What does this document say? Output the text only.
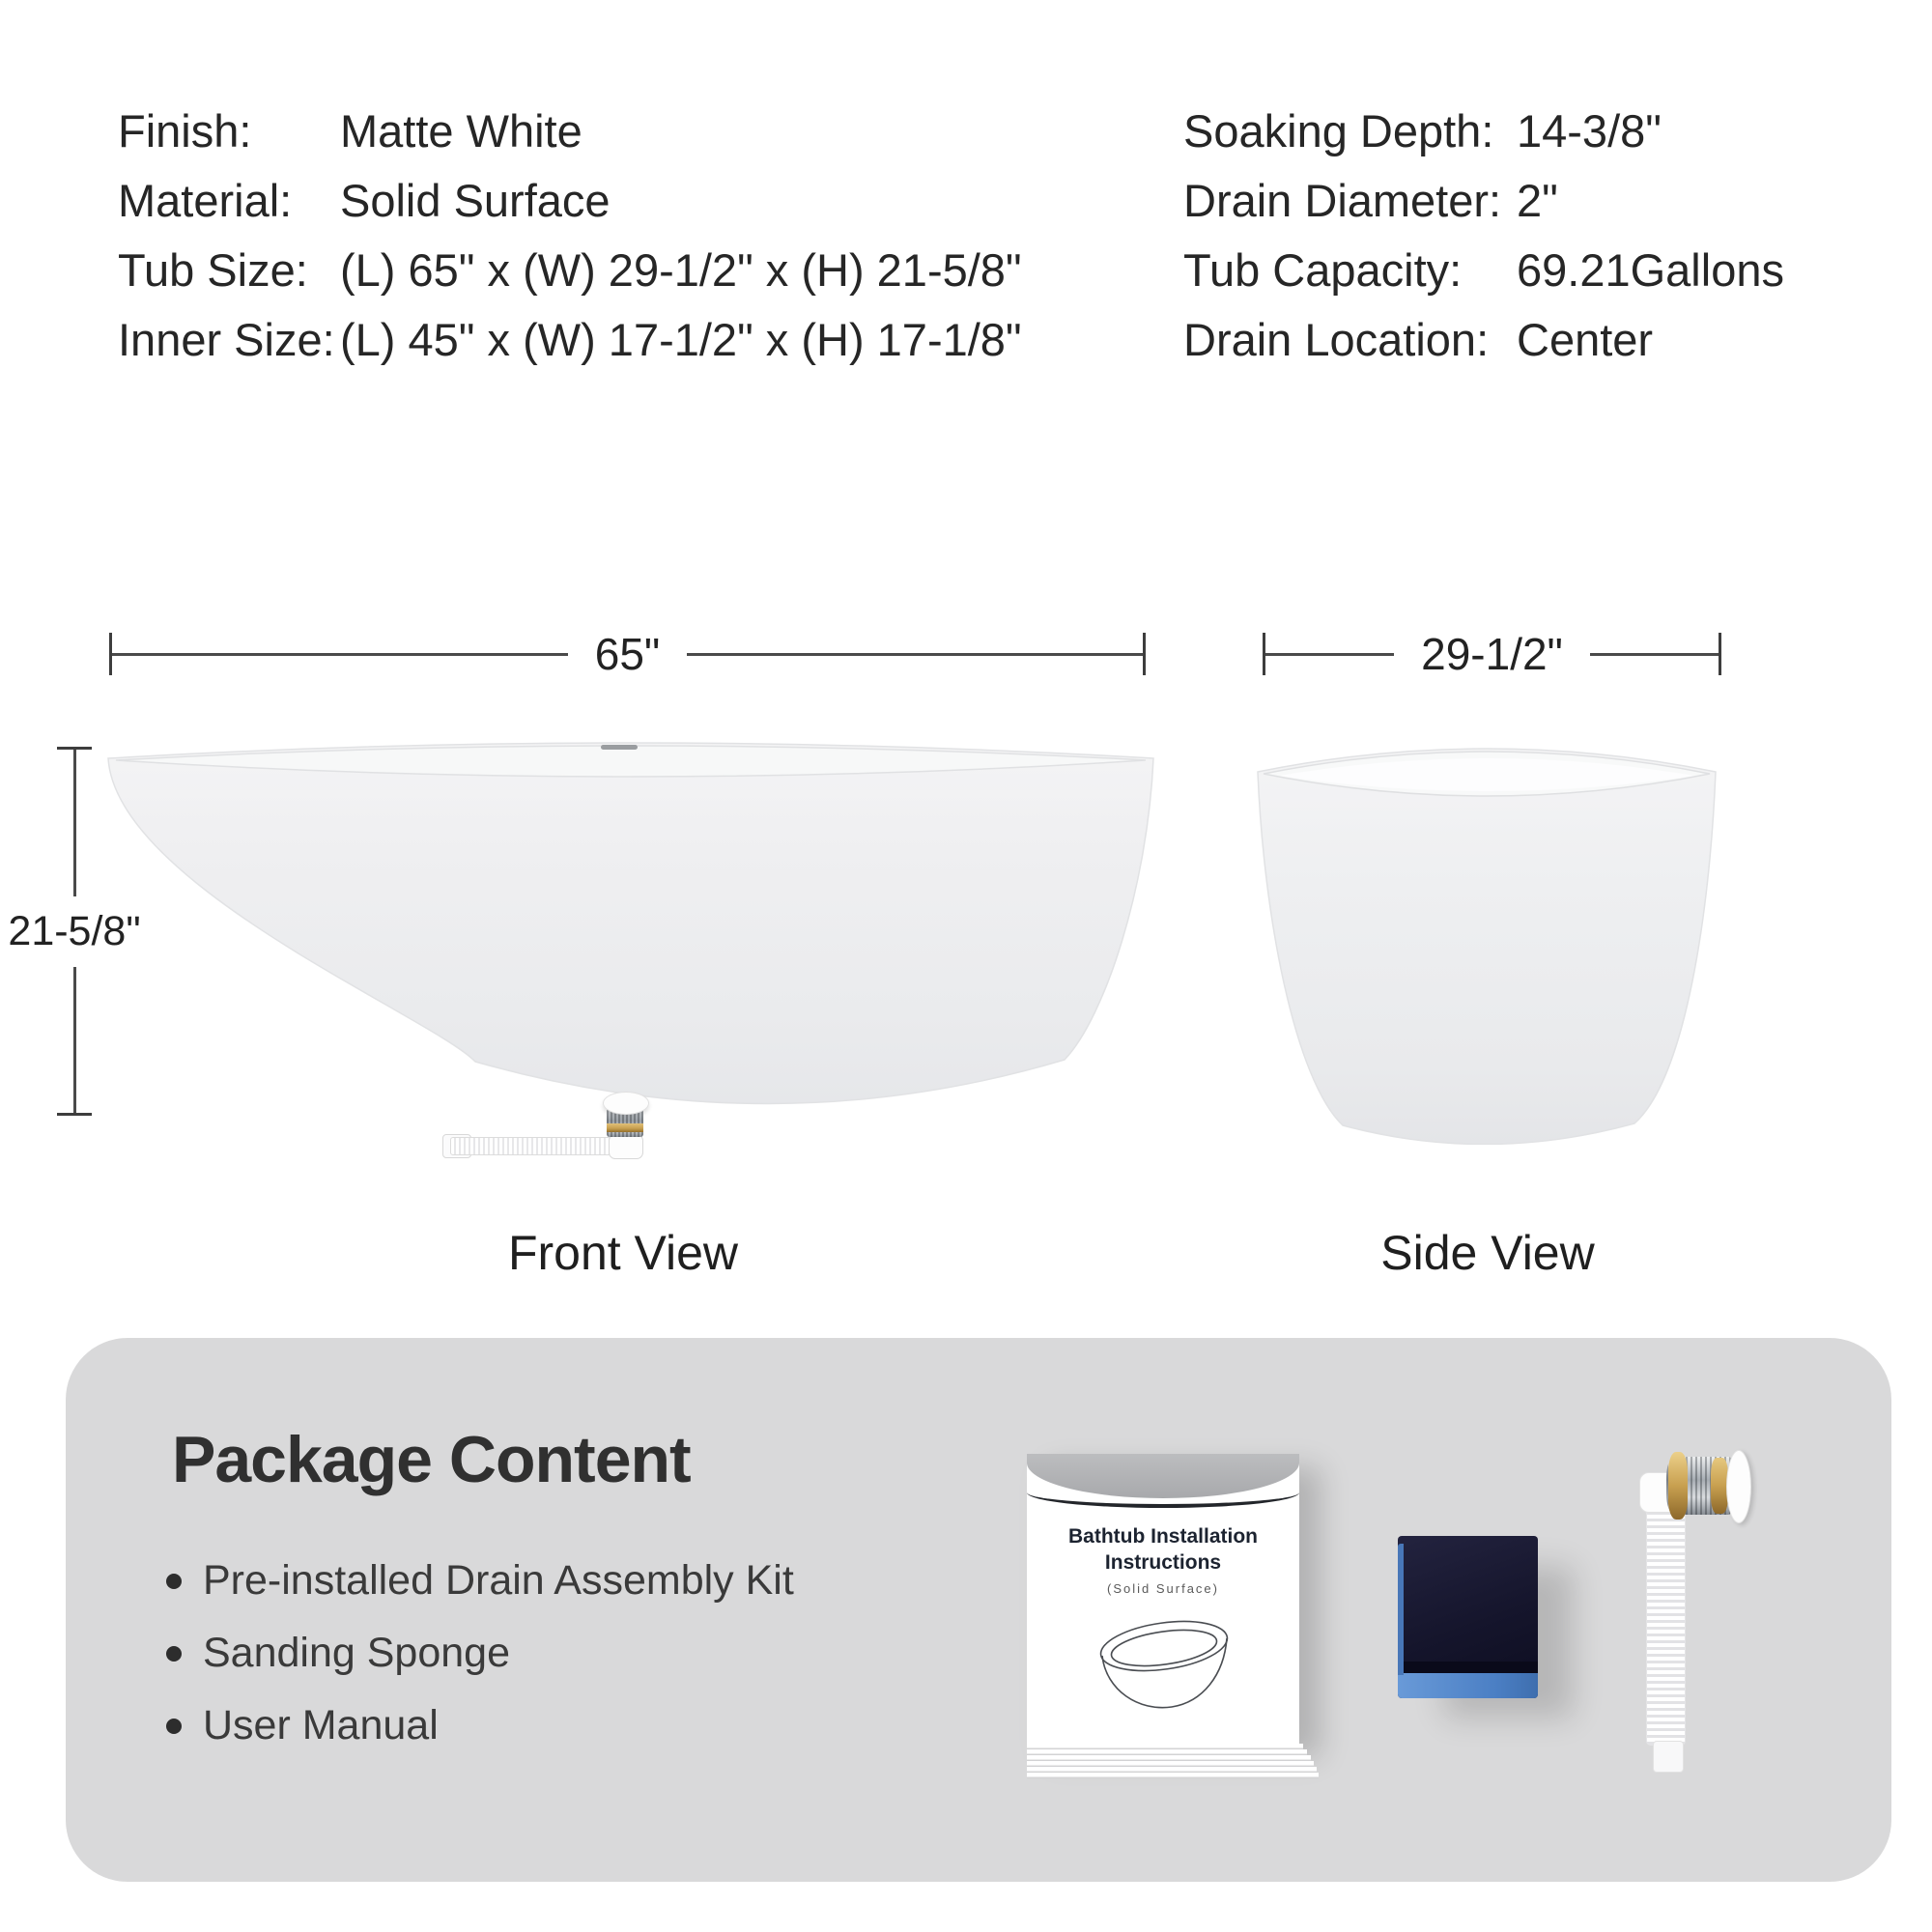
Finish:	Matte White
Material:	Solid Surface
Tub Size: (L) 65" x (W) 29-1/2" x (H) 21-5/8"
Inner Size: (L) 45" x (W) 17-1/2" x (H) 17-1/8"
Soaking Depth: 14-3/8"
Drain Diameter: 2"
Tub Capacity:	69.21Gallons
Drain Location: Center
65"	29-1/2"
21-5/8"
Front View	Side View
Package Content
Pre-installed Drain Assembly Kit
Sanding Sponge
User Manual
Bathtub Installation Instructions
(Solid Surface)
